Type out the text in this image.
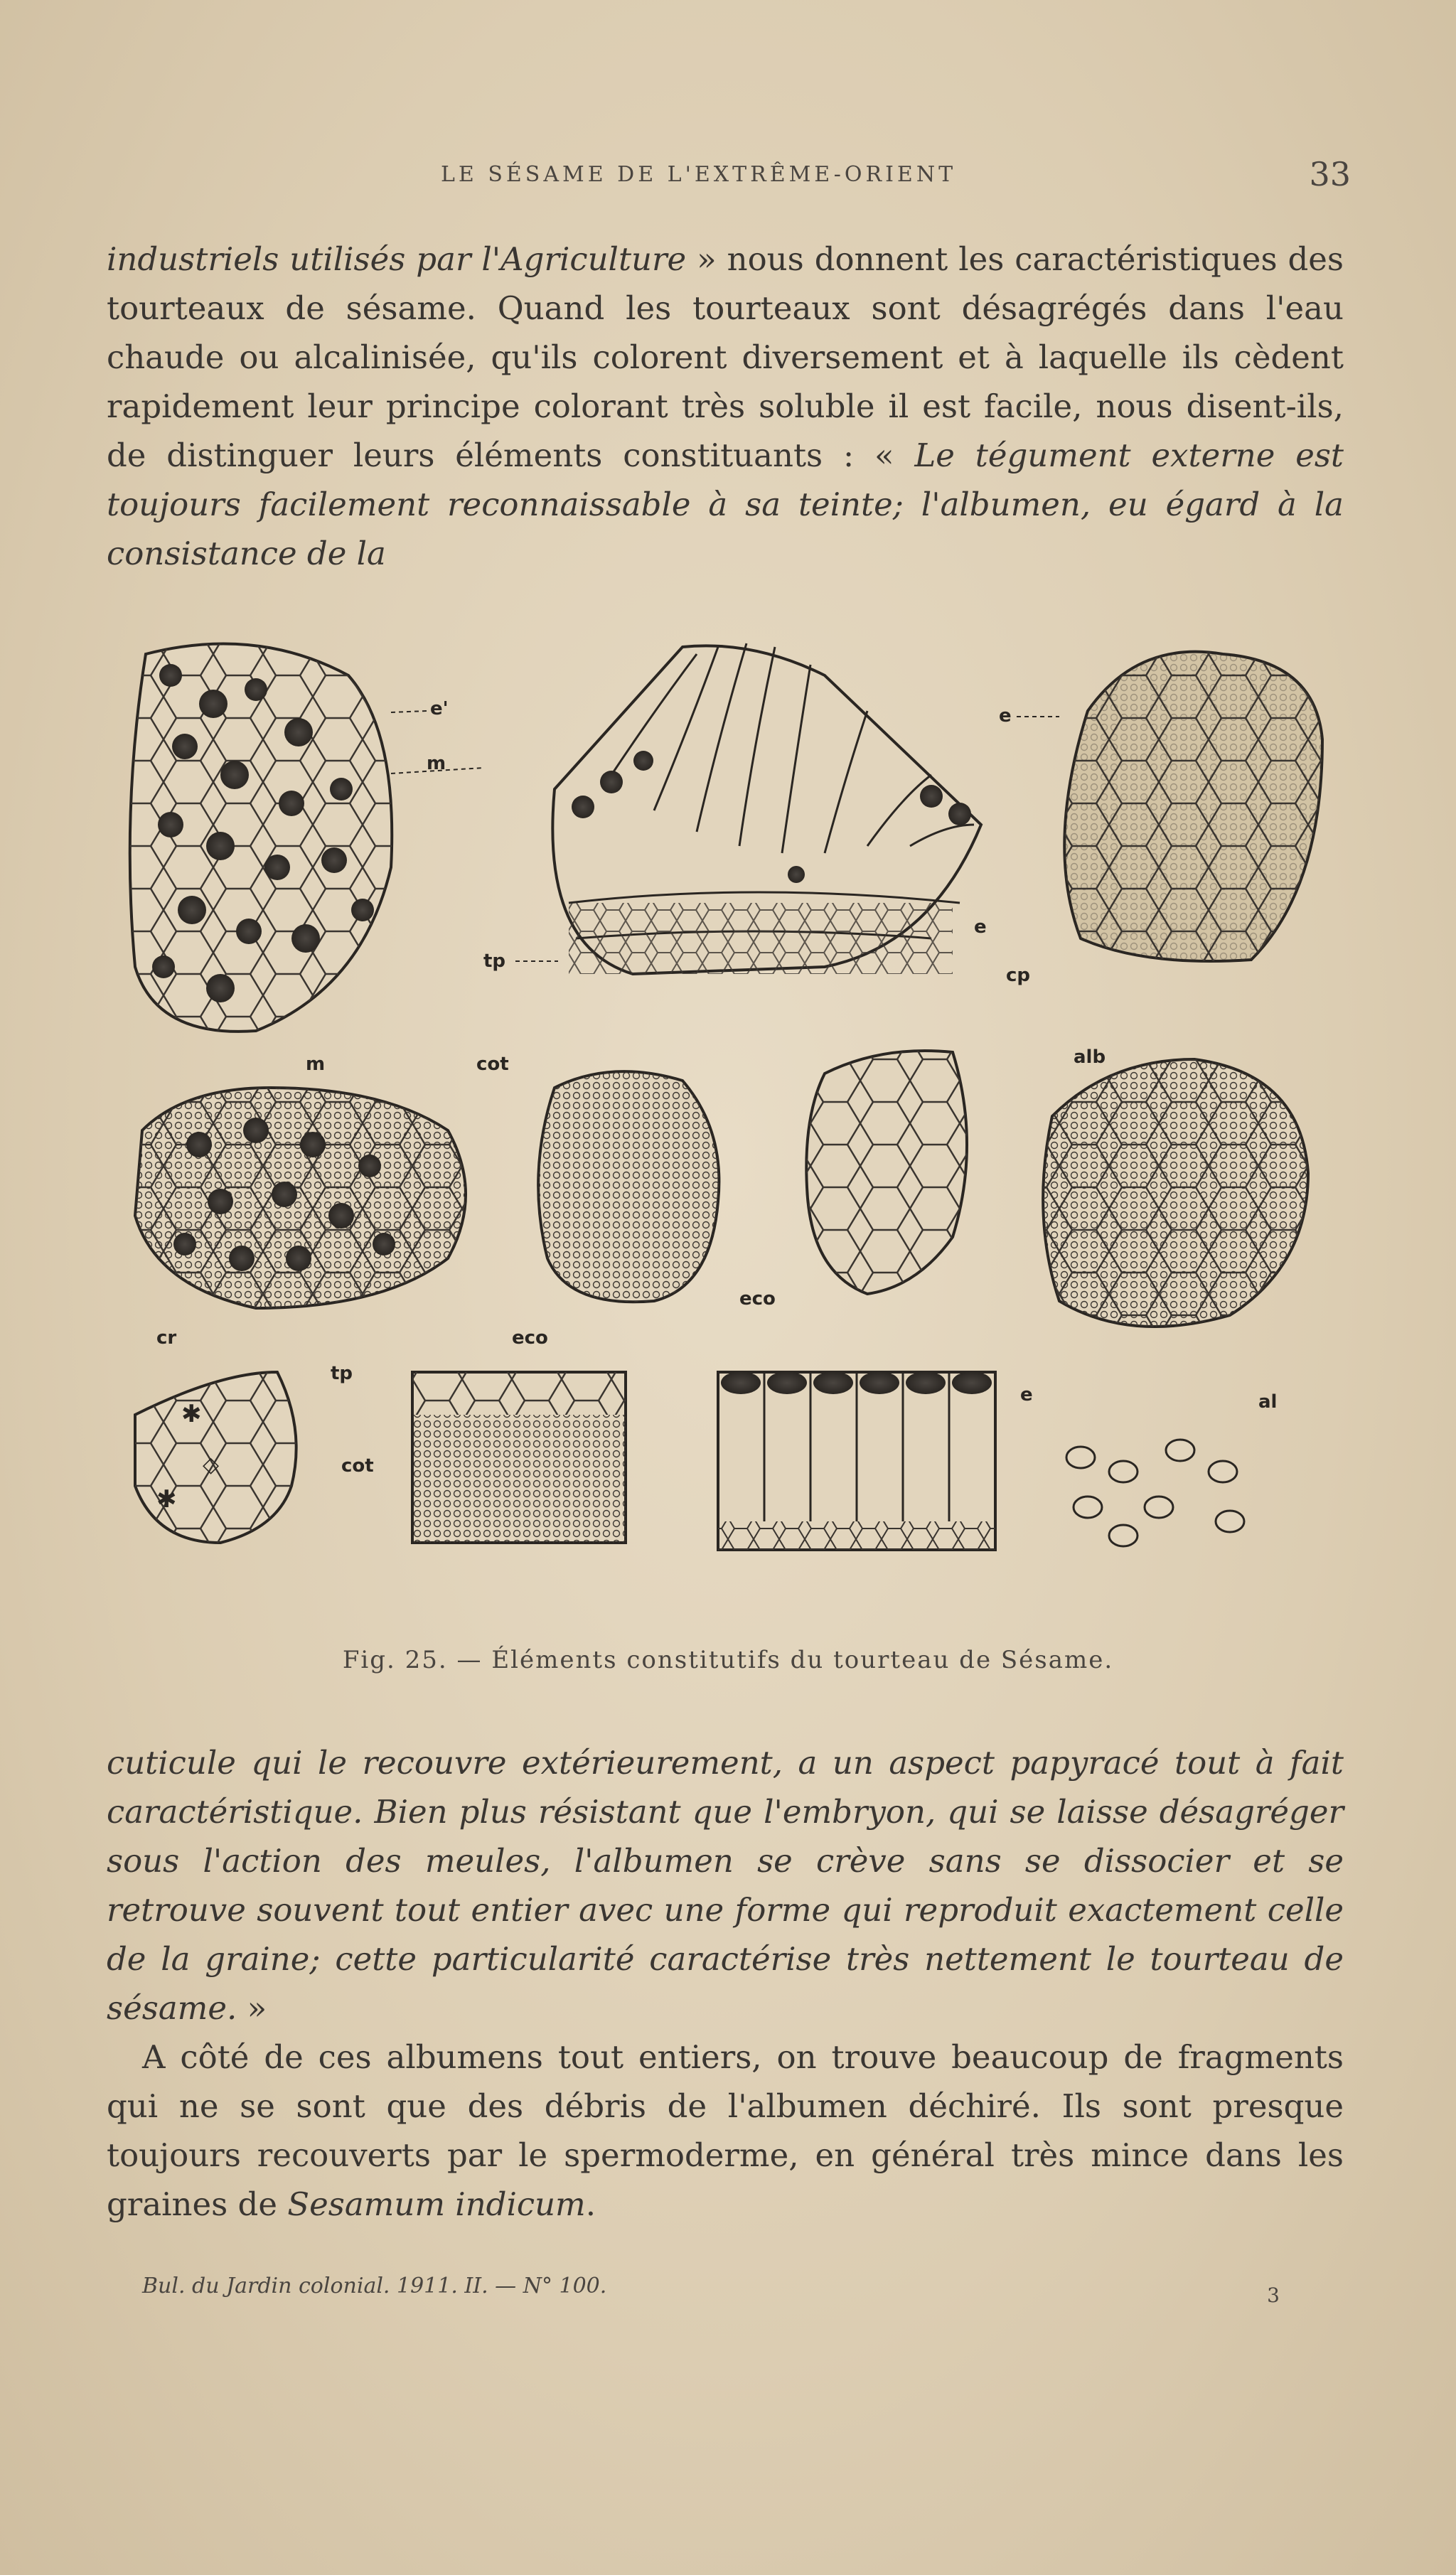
LE SÉSAME DE L'EXTRÊME-ORIENT	33

industriels utilisés par l'Agriculture » nous donnent les caractéristiques des tourteaux de sésame. Quand les tourteaux sont désagrégés dans l'eau chaude ou alcalinisée, qu'ils colorent diversement et à laquelle ils cèdent rapidement leur principe colorant très soluble il est facile, nous disent-ils, de distinguer leurs éléments constituants : « Le tégument externe est toujours facilement reconnaissable à sa teinte; l'albumen, eu égard à la consistance de la

e'
m
e
tp
e
cp
m	cot
eco
alb
✱
✱
◇
cr
tp
eco
cot
e	al
Fig. 25. — Éléments constitutifs du tourteau de Sésame.

cuticule qui le recouvre extérieurement, a un aspect papyracé tout à fait caractéristique. Bien plus résistant que l'embryon, qui se laisse désagréger sous l'action des meules, l'albumen se crève sans se dissocier et se retrouve souvent tout entier avec une forme qui reproduit exactement celle de la graine; cette particularité caractérise très nettement le tourteau de sésame. »

A côté de ces albumens tout entiers, on trouve beaucoup de fragments qui ne se sont que des débris de l'albumen déchiré. Ils sont presque toujours recouverts par le spermoderme, en général très mince dans les graines de Sesamum indicum.

Bul. du Jardin colonial. 1911. II. — N° 100.	3
